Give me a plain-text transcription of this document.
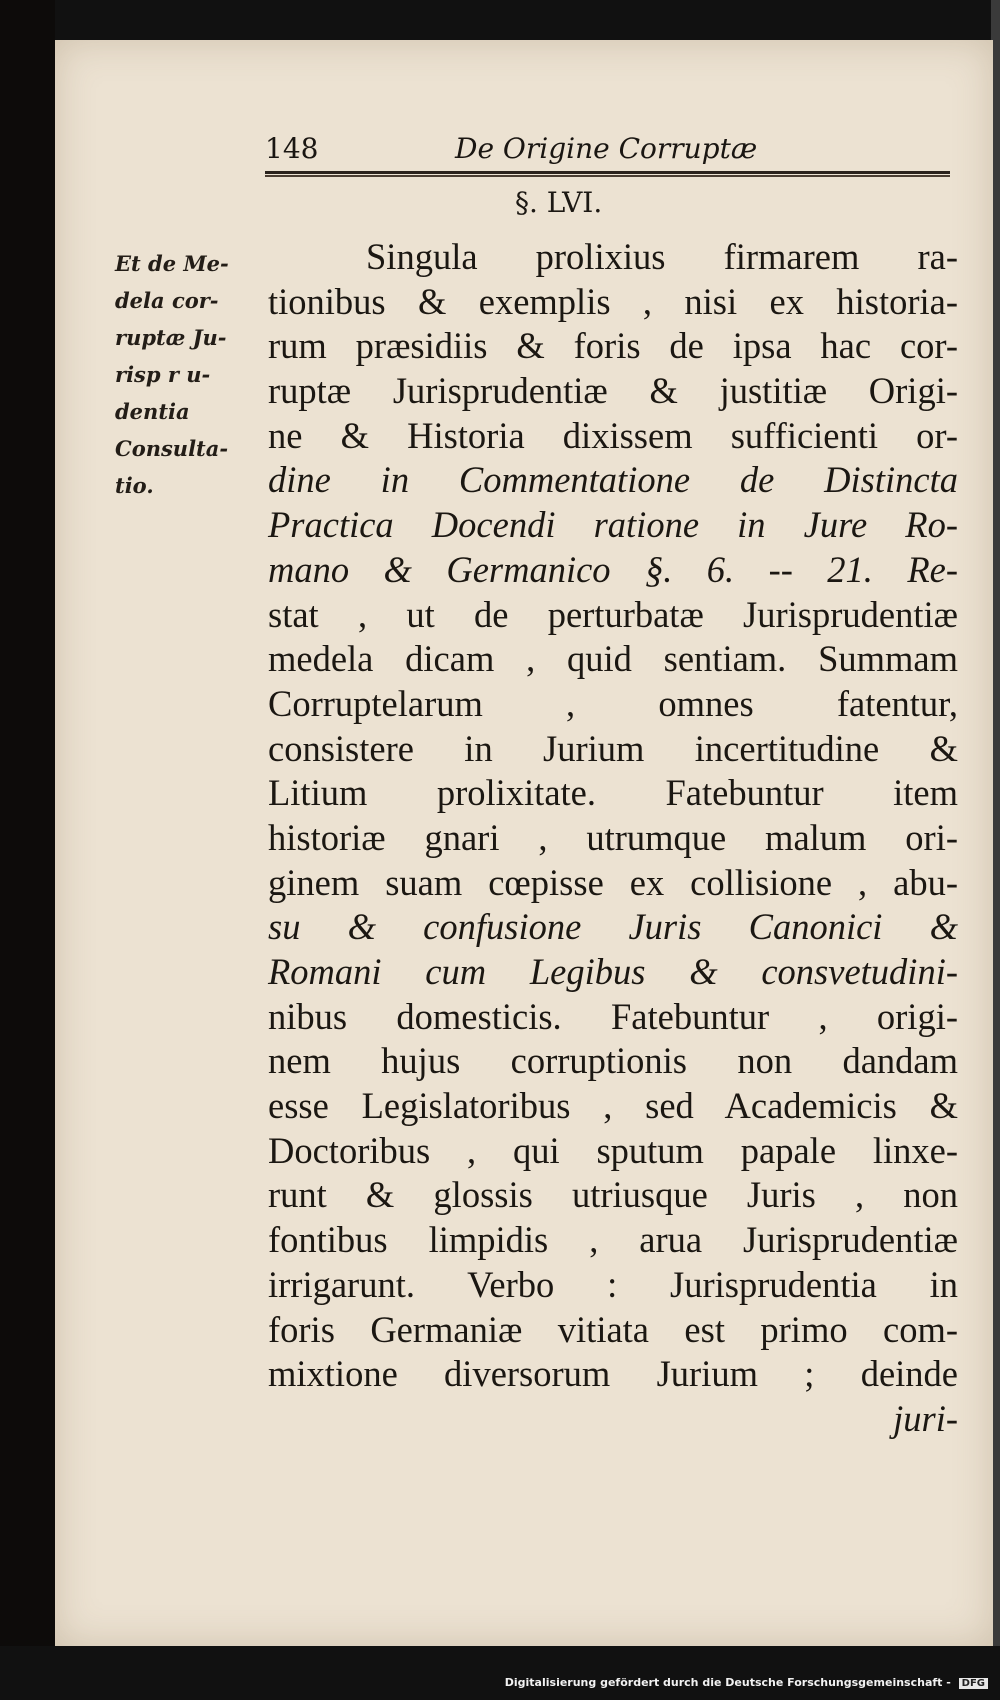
148	De Origine Corruptæ
§. LVI.
Et de Me-
dela cor-
ruptæ Ju-
risp r u-
dentia
Consulta-
tio.
Singula prolixius firmarem ra-
tionibus & exemplis , nisi ex historia-
rum præsidiis & foris de ipsa hac cor-
ruptæ Jurisprudentiæ & justitiæ Origi-
ne & Historia dixissem sufficienti or-
dine in Commentatione de Distincta
Practica Docendi ratione in Jure Ro-
mano & Germanico §. 6. -- 21. Re-
stat , ut de perturbatæ Jurisprudentiæ
medela dicam , quid sentiam. Summam
Corruptelarum , omnes fatentur,
consistere in Jurium incertitudine &
Litium prolixitate. Fatebuntur item
historiæ gnari , utrumque malum ori-
ginem suam cœpisse ex collisione , abu-
su & confusione Juris Canonici &
Romani cum Legibus & consvetudini-
nibus domesticis. Fatebuntur , origi-
nem hujus corruptionis non dandam
esse Legislatoribus , sed Academicis &
Doctoribus , qui sputum papale linxe-
runt & glossis utriusque Juris , non
fontibus limpidis , arua Jurisprudentiæ
irrigarunt. Verbo : Jurisprudentia in
foris Germaniæ vitiata est primo com-
mixtione diversorum Jurium ; deinde
juri-
Digitalisierung gefördert durch die Deutsche Forschungsgemeinschaft - DFG
